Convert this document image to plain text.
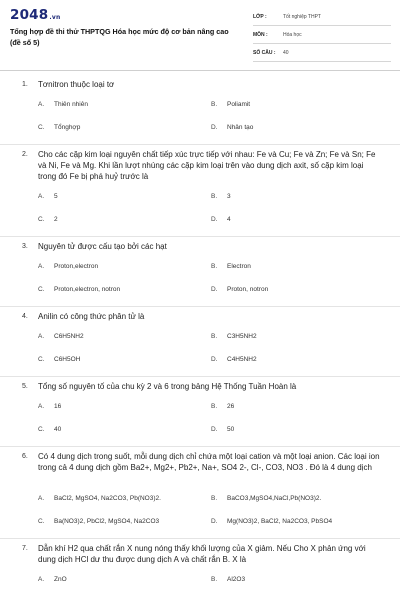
2048.vn
Tổng hợp đề thi thử THPTQG Hóa học mức độ cơ bản nâng cao (đề số 5)
LỚP :	Tốt nghiệp THPT
MÔN :	Hóa học
SỐ CÂU : 40
1. Tơnitron thuộc loại tơ
A.	Thiên nhiên	B.	Poliamit
C.	Tổnghợp	D.	Nhân tạo
2. Cho các cặp kim loại nguyên chất tiếp xúc trực tiếp với nhau: Fe và Cu; Fe và Zn; Fe và Sn; Fe và Ni, Fe và Mg. Khi lần lượt nhúng các cặp kim loại trên vào dung dịch axit, số cặp kim loại trong đó Fe bị phá huỷ trước là
A.	5	B.	3
C.	2	D.	4
3. Nguyên tử được cấu tạo bởi các hạt
A.	Proton,electron	B.	Electron
C.	Proton,electron, notron	D.	Proton, notron
4. Anilin có công thức phân tử là
A.	C6H5NH2	B.	C3H5NH2
C.	C6H5OH	D.	C4H5NH2
5. Tổng số nguyên tố của chu kỳ 2 và 6 trong bảng Hệ Thống Tuần Hoàn là
A.	16	B.	26
C.	40	D.	50
6. Có 4 dung dịch trong suốt, mỗi dung dịch chỉ chứa một loại cation và một loại anion. Các loại ion trong cả 4 dung dịch gồm Ba2+, Mg2+, Pb2+, Na+, SO4 2-, Cl-, CO3, NO3 . Đó là 4 dung dịch
A.	BaCl2, MgSO4, Na2CO3, Pb(NO3)2.	B.	BaCO3,MgSO4,NaCl,Pb(NO3)2.
C.	Ba(NO3)2, PbCl2, MgSO4, Na2CO3	D.	Mg(NO3)2, BaCl2, Na2CO3, PbSO4
7. Dẫn khí H2 qua chất rắn X nung nóng thấy khối lượng của X giảm. Nếu Cho X phản ứng với dung dịch HCl dư thu được dung dịch A và chất rắn B. X là
A.	ZnO	B.	Al2O3
